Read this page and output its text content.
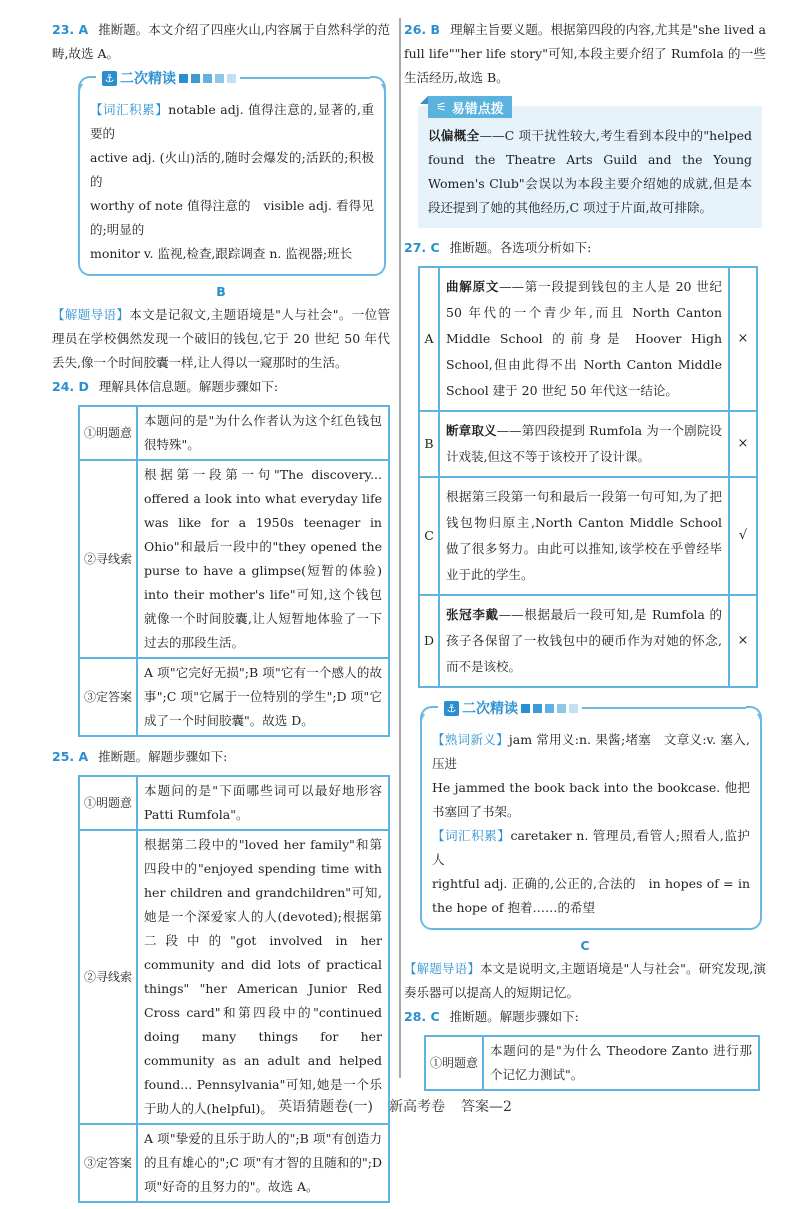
23. A 推断题。本文介绍了四座火山,内容属于自然科学的范畴,故选 A。

⚓ 二次精读

【词汇积累】notable adj. 值得注意的,显著的,重要的

active adj. (火山)活的,随时会爆发的;活跃的;积极的

worthy of note 值得注意的　visible adj. 看得见的;明显的

monitor v. 监视,检查,跟踪调查 n. 监视器;班长

B

【解题导语】本文是记叙文,主题语境是"人与社会"。一位管理员在学校偶然发现一个破旧的钱包,它于 20 世纪 50 年代丢失,像一个时间胶囊一样,让人得以一窥那时的生活。

24. D 理解具体信息题。解题步骤如下:

①明题意	本题问的是"为什么作者认为这个红色钱包很特殊"。
②寻线索	根据第一段第一句"The discovery... offered a look into what everyday life was like for a 1950s teenager in Ohio"和最后一段中的"they opened the purse to have a glimpse(短暂的体验) into their mother's life"可知,这个钱包就像一个时间胶囊,让人短暂地体验了一下过去的那段生活。
③定答案	A 项"它完好无损";B 项"它有一个感人的故事";C 项"它属于一位特别的学生";D 项"它成了一个时间胶囊"。故选 D。

25. A 推断题。解题步骤如下:

①明题意	本题问的是"下面哪些词可以最好地形容 Patti Rumfola"。
②寻线索	根据第二段中的"loved her family"和第四段中的"enjoyed spending time with her children and grandchildren"可知,她是一个深爱家人的人(devoted);根据第二段中的"got involved in her community and did lots of practical things" "her American Junior Red Cross card"和第四段中的"continued doing many things for her community as an adult and helped found... Pennsylvania"可知,她是一个乐于助人的人(helpful)。
③定答案	A 项"挚爱的且乐于助人的";B 项"有创造力的且有雄心的";C 项"有才智的且随和的";D 项"好奇的且努力的"。故选 A。

26. B 理解主旨要义题。根据第四段的内容,尤其是"she lived a full life""her life story"可知,本段主要介绍了 Rumfola 的一些生活经历,故选 B。

⚟ 易错点拨

以偏概全——C 项干扰性较大,考生看到本段中的"helped found the Theatre Arts Guild and the Young Women's Club"会误以为本段主要介绍她的成就,但是本段还提到了她的其他经历,C 项过于片面,故可排除。

27. C 推断题。各选项分析如下:

A	曲解原文——第一段提到钱包的主人是 20 世纪 50 年代的一个青少年,而且 North Canton Middle School 的前身是 Hoover High School,但由此得不出 North Canton Middle School 建于 20 世纪 50 年代这一结论。	×
B	断章取义——第四段提到 Rumfola 为一个剧院设计戏装,但这不等于该校开了设计课。	×
C	根据第三段第一句和最后一段第一句可知,为了把钱包物归原主,North Canton Middle School 做了很多努力。由此可以推知,该学校在乎曾经毕业于此的学生。	√
D	张冠李戴——根据最后一段可知,是 Rumfola 的孩子各保留了一枚钱包中的硬币作为对她的怀念,而不是该校。	×
⚓ 二次精读

【熟词新义】jam 常用义:n. 果酱;堵塞　文章义:v. 塞入,压进

He jammed the book back into the bookcase. 他把书塞回了书架。

【词汇积累】caretaker n. 管理员,看管人;照看人,监护人

rightful adj. 正确的,公正的,合法的　in hopes of = in the hope of 抱着……的希望

C

【解题导语】本文是说明文,主题语境是"人与社会"。研究发现,演奏乐器可以提高人的短期记忆。

28. C 推断题。解题步骤如下:

①明题意	本题问的是"为什么 Theodore Zanto 进行那个记忆力测试"。
英语猜题卷(一) 新高考卷 答案—2
